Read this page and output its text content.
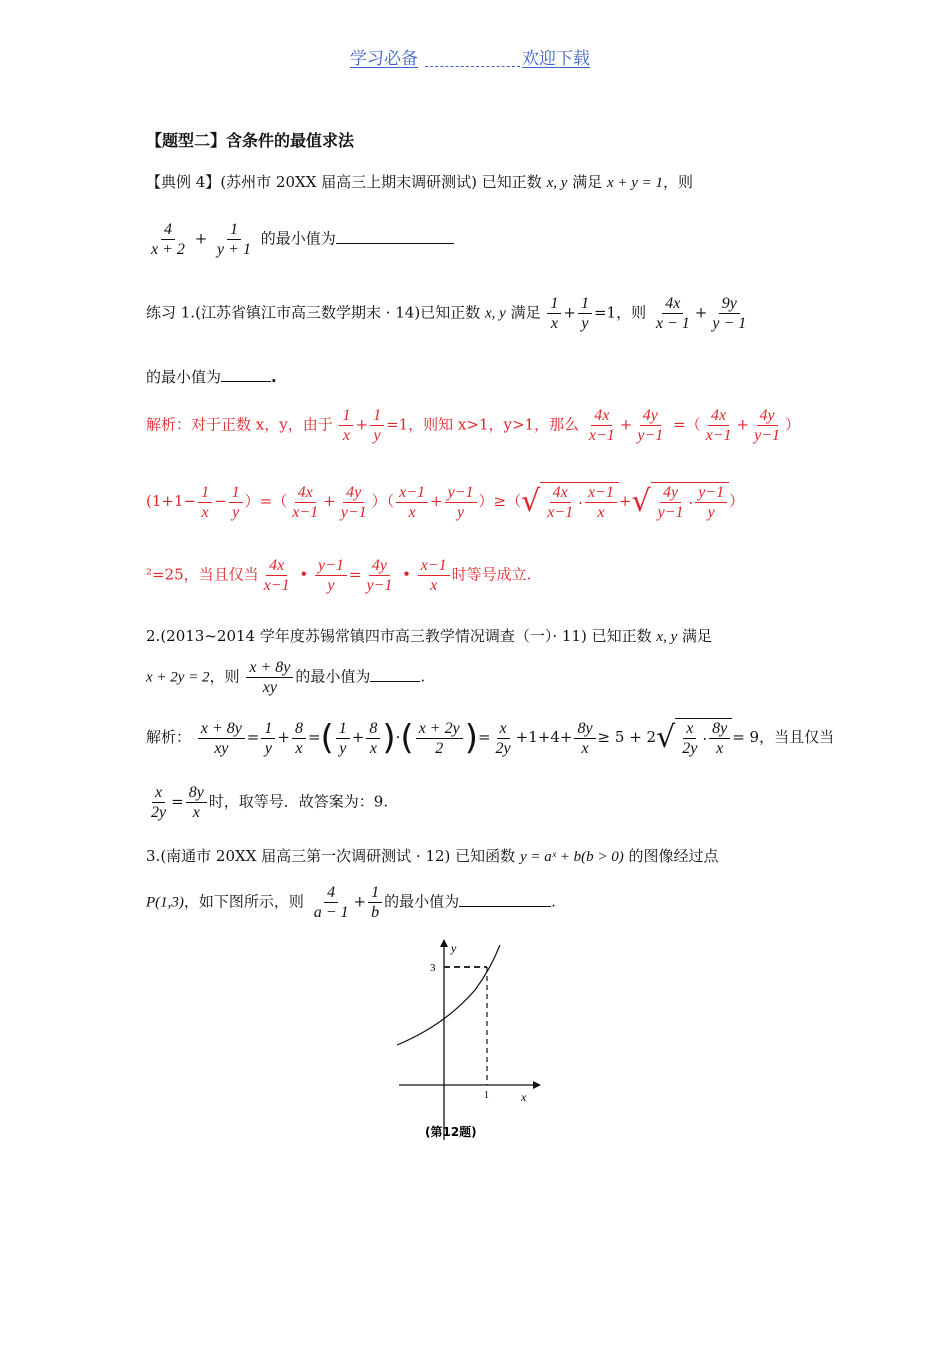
学习必备	欢迎下载
【题型二】含条件的最值求法
【典例 4】(苏州市 20XX 届高三上期末调研测试) 已知正数 x, y 满足 x + y = 1，则
$\frac{4}{x + 2} + \frac{1}{y + 1}$ 的最小值为
练习 1.(江苏省镇江市高三数学期末 · 14)已知正数 x, y 满足 $\frac{1}{x} + \frac{1}{y} =1$，则 $\frac{4x}{x - 1} + \frac{9y}{y - 1}$
的最小值为	.
解析：对于正数 x，y，由于 $\frac{1}{x} + \frac{1}{y} =1$，则知 x>1，y>1，那么 $\frac{4x}{x-1} + \frac{4y}{y-1}$ =（ $\frac{4x}{x-1} + \frac{4y}{y-1}$ ）
($1+1- \frac{1}{x} - \frac{1}{y}$ ）=（ $\frac{4x}{x-1} + \frac{4y}{y-1}$ ）（ $\frac{x-1}{x} + \frac{y-1}{y}$ ）≥（ √ $\frac{4x}{x-1} \cdot \frac{x-1}{x}$ + √ $\frac{4y}{y-1} \cdot \frac{y-1}{y}$ ）
²=25，当且仅当 $\frac{4x}{x-1}$ • $\frac{y-1}{y} = \frac{4y}{y-1}$ • $\frac{x-1}{x}$ 时等号成立.
2.(2013~2014 学年度苏锡常镇四市高三教学情况调查（一）· 11) 已知正数 x, y 满足
x + 2y = 2，则 $\frac{x + 8y}{xy}$ 的最小值为	.
解析： $\frac{x + 8y}{xy} = \frac{1}{y} + \frac{8}{x}$ =( $\frac{1}{y} + \frac{8}{x}$ )·( $\frac{x + 2y}{2}$ )= $\frac{x}{2y} +1+4+ \frac{8y}{x} \ge 5 + 2$ √ $\frac{x}{2y} \cdot \frac{8y}{x} = 9$，当且仅当
$\frac{x}{2y} = \frac{8y}{x}$ 时，取等号．故答案为：9.
3.(南通市 20XX 届高三第一次调研测试 · 12) 已知函数 y = aˣ + b(b > 0) 的图像经过点
P(1,3)，如下图所示，则 $\frac{4}{a - 1} + \frac{1}{b}$ 的最小值为	.
y
x
3
1
(第12题)
